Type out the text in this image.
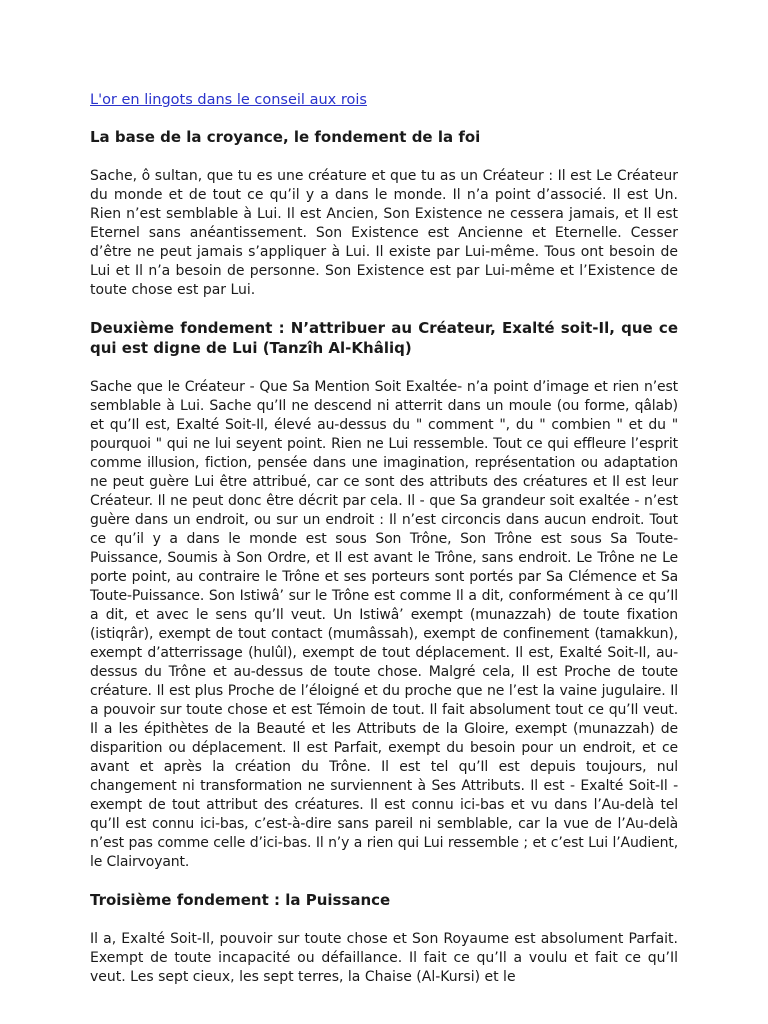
L'or en lingots dans le conseil aux rois
La base de la croyance, le fondement de la foi

Sache, ô sultan, que tu es une créature et que tu as un Créateur : Il est Le Créateur du monde et de tout ce qu’il y a dans le monde. Il n’a point d’associé. Il est Un. Rien n’est semblable à Lui. Il est Ancien, Son Existence ne cessera jamais, et Il est Eternel sans anéantissement. Son Existence est Ancienne et Eternelle. Cesser d’être ne peut jamais s’appliquer à Lui. Il existe par Lui-même. Tous ont besoin de Lui et Il n’a besoin de personne. Son Existence est par Lui-même et l’Existence de toute chose est par Lui.

Deuxième fondement : N’attribuer au Créateur, Exalté soit-Il, que ce qui est digne de Lui (Tanzîh Al-Khâliq)

Sache que le Créateur - Que Sa Mention Soit Exaltée- n’a point d’image et rien n’est semblable à Lui. Sache qu’Il ne descend ni atterrit dans un moule (ou forme, qâlab) et qu’Il est, Exalté Soit-Il, élevé au-dessus du " comment ", du " combien " et du " pourquoi " qui ne lui seyent point. Rien ne Lui ressemble. Tout ce qui effleure l’esprit comme illusion, fiction, pensée dans une imagination, représentation ou adaptation ne peut guère Lui être attribué, car ce sont des attributs des créatures et Il est leur Créateur. Il ne peut donc être décrit par cela. Il - que Sa grandeur soit exaltée - n’est guère dans un endroit, ou sur un endroit : Il n’est circoncis dans aucun endroit. Tout ce qu’il y a dans le monde est sous Son Trône, Son Trône est sous Sa Toute-Puissance, Soumis à Son Ordre, et Il est avant le Trône, sans endroit. Le Trône ne Le porte point, au contraire le Trône et ses porteurs sont portés par Sa Clémence et Sa Toute-Puissance. Son Istiwâ’ sur le Trône est comme Il a dit, conformément à ce qu’Il a dit, et avec le sens qu’Il veut. Un Istiwâ’ exempt (munazzah) de toute fixation (istiqrâr), exempt de tout contact (mumâssah), exempt de confinement (tamakkun), exempt d’atterrissage (hulûl), exempt de tout déplacement. Il est, Exalté Soit-Il, au-dessus du Trône et au-dessus de toute chose. Malgré cela, Il est Proche de toute créature. Il est plus Proche de l’éloigné et du proche que ne l’est la vaine jugulaire. Il a pouvoir sur toute chose et est Témoin de tout. Il fait absolument tout ce qu’Il veut. Il a les épithètes de la Beauté et les Attributs de la Gloire, exempt (munazzah) de disparition ou déplacement. Il est Parfait, exempt du besoin pour un endroit, et ce avant et après la création du Trône. Il est tel qu’Il est depuis toujours, nul changement ni transformation ne surviennent à Ses Attributs. Il est - Exalté Soit-Il - exempt de tout attribut des créatures. Il est connu ici-bas et vu dans l’Au-delà tel qu’Il est connu ici-bas, c’est-à-dire sans pareil ni semblable, car la vue de l’Au-delà n’est pas comme celle d’ici-bas. Il n’y a rien qui Lui ressemble ; et c’est Lui l’Audient, le Clairvoyant.

Troisième fondement : la Puissance

Il a, Exalté Soit-Il, pouvoir sur toute chose et Son Royaume est absolument Parfait. Exempt de toute incapacité ou défaillance. Il fait ce qu’Il a voulu et fait ce qu’Il veut. Les sept cieux, les sept terres, la Chaise (Al-Kursi) et le
